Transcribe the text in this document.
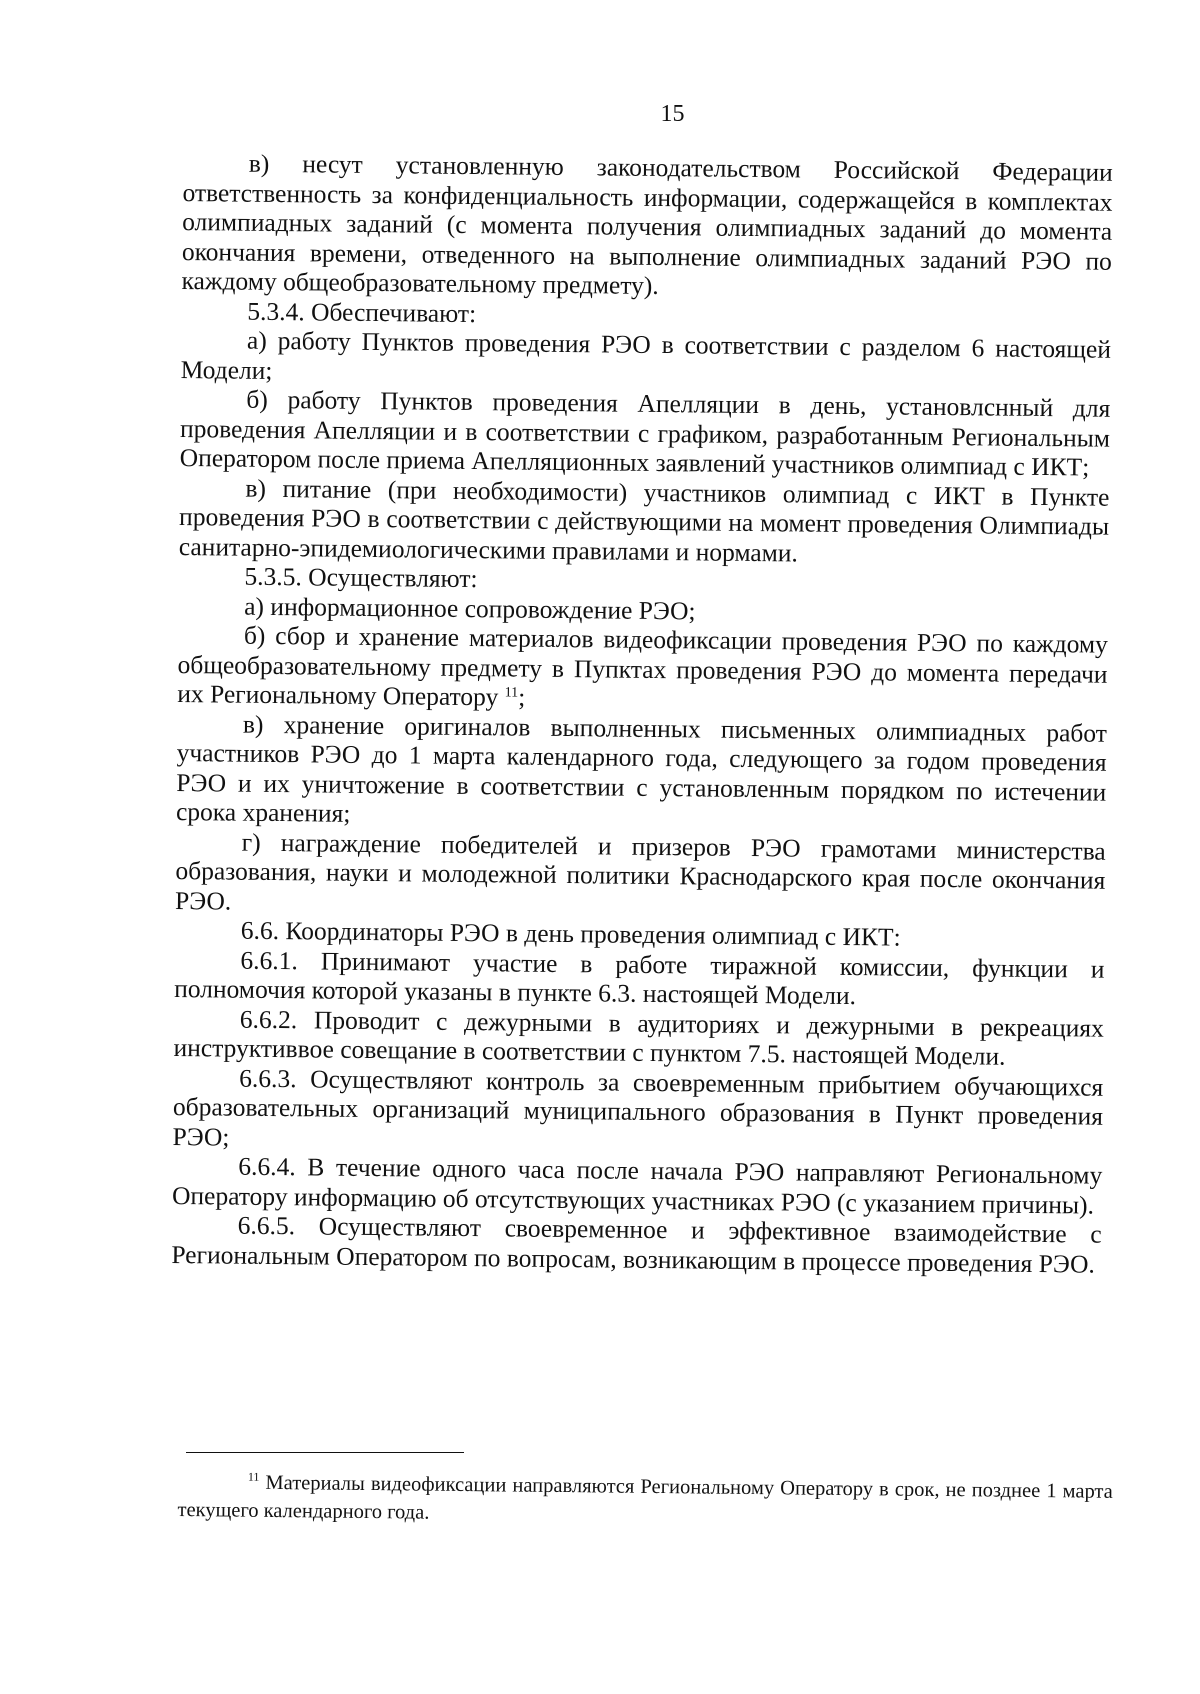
15

в) несут установленную законодательством Российской Федерации ответственность за конфиденциальность информации, содержащейся в комплектах олимпиадных заданий (с момента получения олимпиадных заданий до момента окончания времени, отведенного на выполнение олимпиадных заданий РЭО по каждому общеобразовательному предмету).

5.3.4. Обеспечивают:

а) работу Пунктов проведения РЭО в соответствии с разделом 6 настоящей Модели;

б) работу Пунктов проведения Апелляции в день, установлснный для проведения Апелляции и в соответствии с графиком, разработанным Региональным Оператором после приема Апелляционных заявлений участников олимпиад с ИКТ;

в) питание (при необходимости) участников олимпиад с ИКТ в Пункте проведения РЭО в соответствии с действующими на момент проведения Олимпиады санитарно-эпидемиологическими правилами и нормами.

5.3.5. Осуществляют:

а) информационное сопровождение РЭО;

б) сбор и хранение материалов видеофиксации проведения РЭО по каждому общеобразовательному предмету в Пупктах проведения РЭО до момента передачи их Региональному Оператору $^{11}$;

в) хранение оригиналов выполненных письменных олимпиадных работ участников РЭО до 1 марта календарного года, следующего за годом проведения РЭО и их уничтожение в соответствии с установленным порядком по истечении срока хранения;

г) награждение победителей и призеров РЭО грамотами министерства образования, науки и молодежной политики Краснодарского края после окончания РЭО.

6.6. Координаторы РЭО в день проведения олимпиад с ИКТ:

6.6.1. Принимают участие в работе тиражной комиссии, функции и полномочия которой указаны в пункте 6.3. настоящей Модели.

6.6.2. Проводит с дежурными в аудиториях и дежурными в рекреациях инструктиввое совещание в соответствии с пунктом 7.5. настоящей Модели.

6.6.3. Осуществляют контроль за своевременным прибытием обучающихся образовательных организаций муниципального образования в Пункт проведения РЭО;

6.6.4. В течение одного часа после начала РЭО направляют Региональному Оператору информацию об отсутствующих участниках РЭО (с указанием причины).

6.6.5. Осуществляют своевременное и эффективное взаимодействие с Региональным Оператором по вопросам, возникающим в процессе проведения РЭО.

$^{11}$ Материалы видеофиксации направляются Региональному Оператору в срок, не позднее 1 марта текущего календарного года.
